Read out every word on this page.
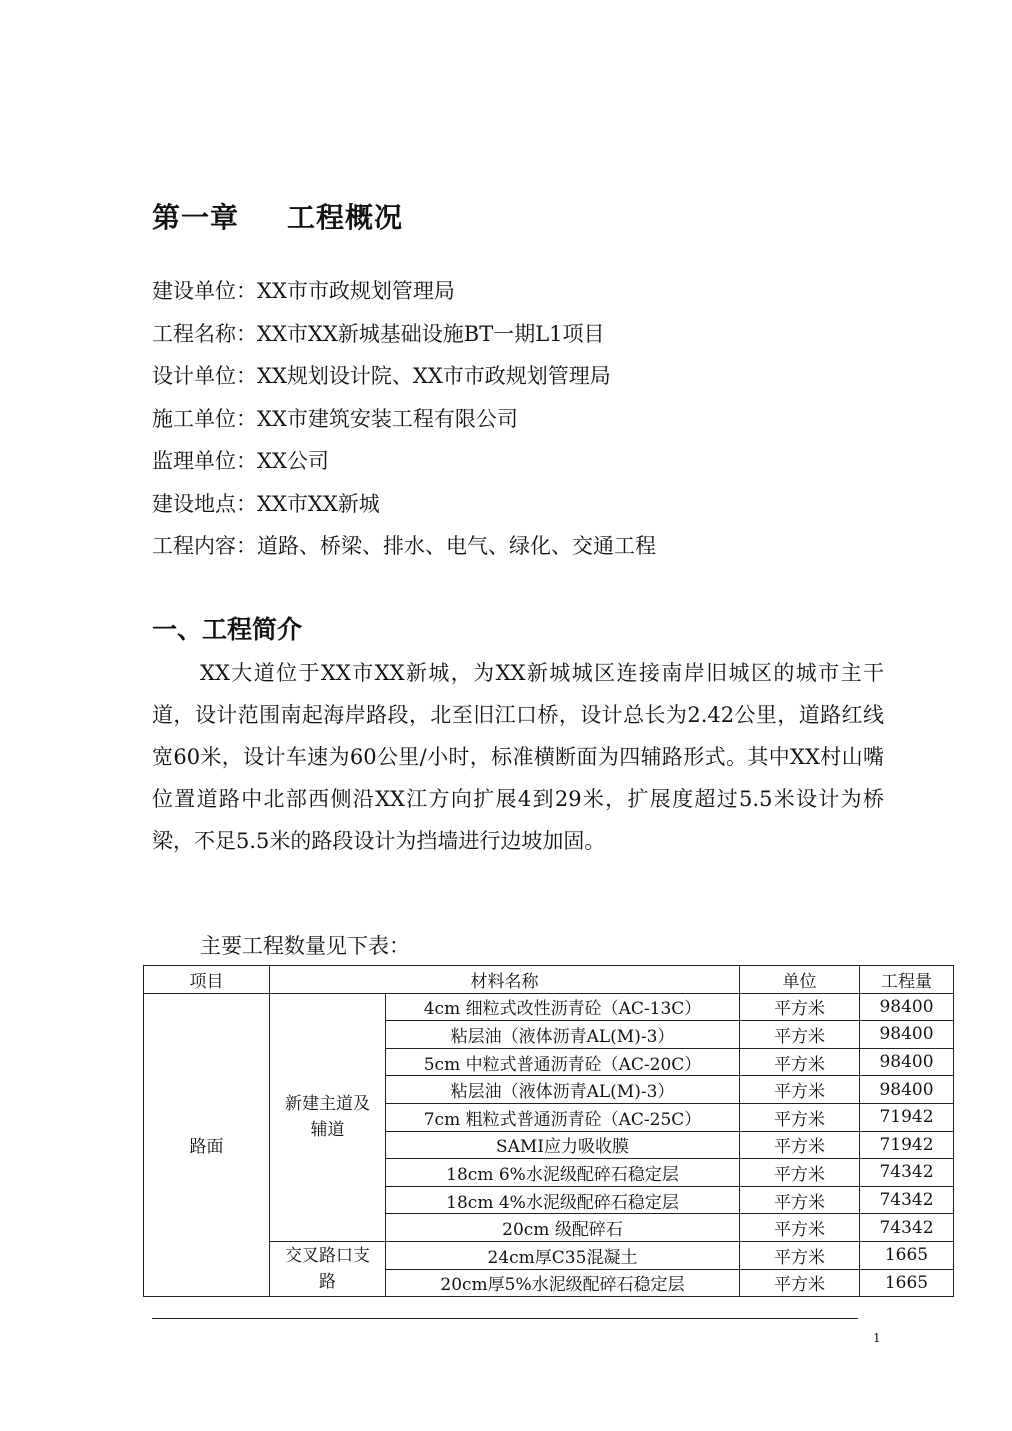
第一章 工程概况
建设单位：XX市市政规划管理局
工程名称：XX市XX新城基础设施BT一期L1项目
设计单位：XX规划设计院、XX市市政规划管理局
施工单位：XX市建筑安装工程有限公司
监理单位：XX公司
建设地点：XX市XX新城
工程内容：道路、桥梁、排水、电气、绿化、交通工程
一、工程简介

XX大道位于XX市XX新城，为XX新城城区连接南岸旧城区的城市主干道，设计范围南起海岸路段，北至旧江口桥，设计总长为2.42公里，道路红线宽60米，设计车速为60公里/小时，标准横断面为四辅路形式。其中XX村山嘴位置道路中北部西侧沿XX江方向扩展4到29米，扩展度超过5.5米设计为桥梁，不足5.5米的路段设计为挡墙进行边坡加固。

主要工程数量见下表：
项目	材料名称		单位	工程量
路面	新建主道及辅道	4cm 细粒式改性沥青砼（AC-13C）	平方米	98400
		粘层油（液体沥青AL(M)-3）	平方米	98400
		5cm 中粒式普通沥青砼（AC-20C）	平方米	98400
		粘层油（液体沥青AL(M)-3）	平方米	98400
		7cm 粗粒式普通沥青砼（AC-25C）	平方米	71942
		SAMI应力吸收膜	平方米	71942
		18cm 6%水泥级配碎石稳定层	平方米	74342
		18cm 4%水泥级配碎石稳定层	平方米	74342
		20cm 级配碎石	平方米	74342
	交叉路口支路	24cm厚C35混凝土	平方米	1665
		20cm厚5%水泥级配碎石稳定层	平方米	1665
1
